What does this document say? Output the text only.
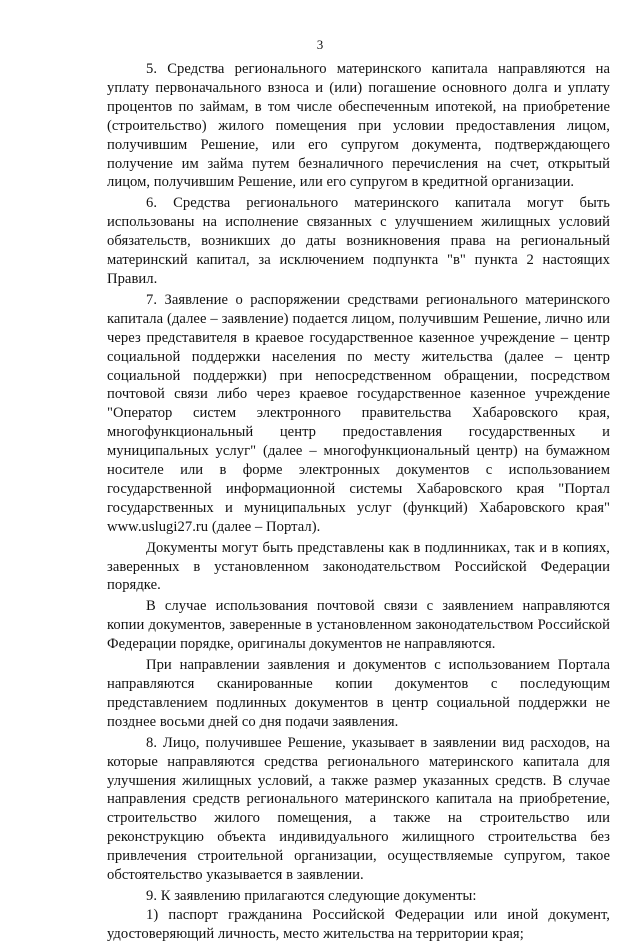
3

5. Средства регионального материнского капитала направляются на уплату первоначального взноса и (или) погашение основного долга и уплату процентов по займам, в том числе обеспеченным ипотекой, на приобретение (строительство) жилого помещения при условии предоставления лицом, получившим Решение, или его супругом документа, подтверждающего получение им займа путем безналичного перечисления на счет, открытый лицом, получившим Решение, или его супругом в кредитной организации.

6. Средства регионального материнского капитала могут быть использованы на исполнение связанных с улучшением жилищных условий обязательств, возникших до даты возникновения права на региональный материнский капитал, за исключением подпункта "в" пункта 2 настоящих Правил.

7. Заявление о распоряжении средствами регионального материнского капитала (далее – заявление) подается лицом, получившим Решение, лично или через представителя в краевое государственное казенное учреждение – центр социальной поддержки населения по месту жительства (далее – центр социальной поддержки) при непосредственном обращении, посредством почтовой связи либо через краевое государственное казенное учреждение "Оператор систем электронного правительства Хабаровского края, многофункциональный центр предоставления государственных и муниципальных услуг" (далее – многофункциональный центр) на бумажном носителе или в форме электронных документов с использованием государственной информационной системы Хабаровского края "Портал государственных и муниципальных услуг (функций) Хабаровского края" www.uslugi27.ru (далее – Портал).

Документы могут быть представлены как в подлинниках, так и в копиях, заверенных в установленном законодательством Российской Федерации порядке.

В случае использования почтовой связи с заявлением направляются копии документов, заверенные в установленном законодательством Российской Федерации порядке, оригиналы документов не направляются.

При направлении заявления и документов с использованием Портала направляются сканированные копии документов с последующим представлением подлинных документов в центр социальной поддержки не позднее восьми дней со дня подачи заявления.

8. Лицо, получившее Решение, указывает в заявлении вид расходов, на которые направляются средства регионального материнского капитала для улучшения жилищных условий, а также размер указанных средств. В случае направления средств регионального материнского капитала на приобретение, строительство жилого помещения, а также на строительство или реконструкцию объекта индивидуального жилищного строительства без привлечения строительной организации, осуществляемые супругом, такое обстоятельство указывается в заявлении.

9. К заявлению прилагаются следующие документы:

1) паспорт гражданина Российской Федерации или иной документ, удостоверяющий личность, место жительства на территории края;
